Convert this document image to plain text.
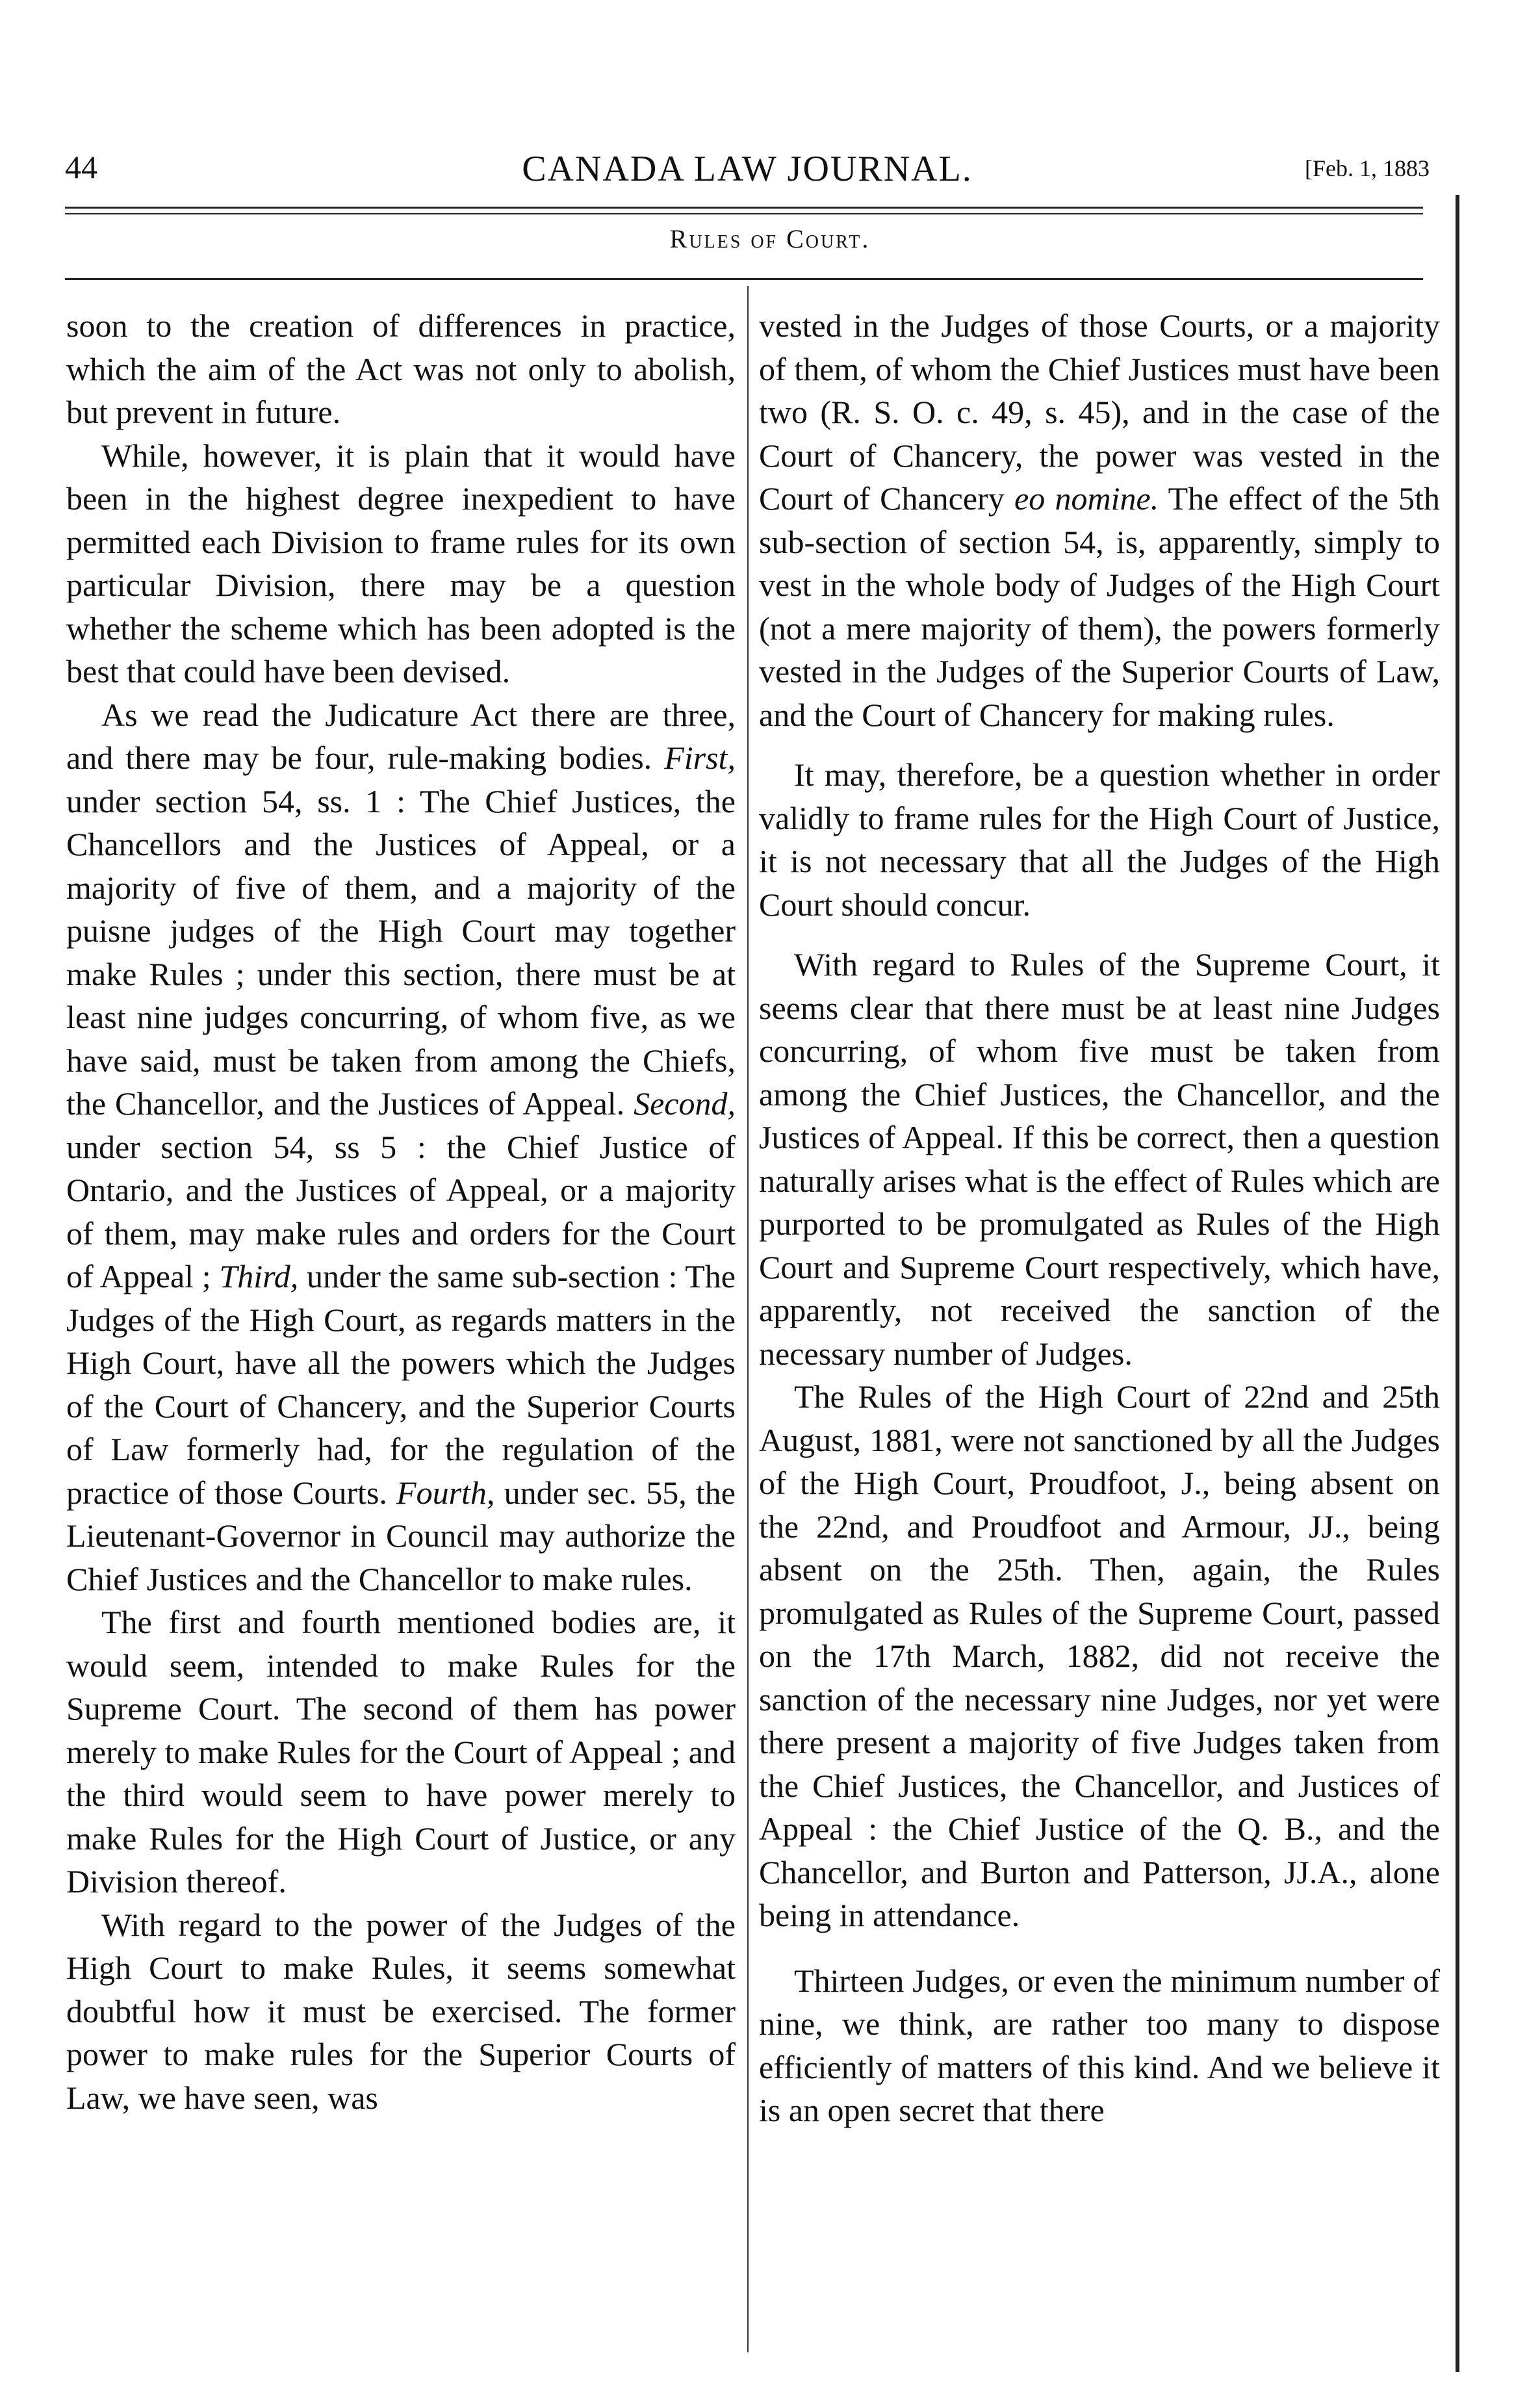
44	CANADA LAW JOURNAL.	[Feb. 1, 1883
Rules of Court.

soon to the creation of differences in practice, which the aim of the Act was not only to abolish, but prevent in future.

While, however, it is plain that it would have been in the highest degree inexpedient to have permitted each Division to frame rules for its own particular Division, there may be a question whether the scheme which has been adopted is the best that could have been devised.

As we read the Judicature Act there are three, and there may be four, rule-making bodies. First, under section 54, ss. 1 : The Chief Justices, the Chancellors and the Justices of Appeal, or a majority of five of them, and a majority of the puisne judges of the High Court may together make Rules ; under this section, there must be at least nine judges concurring, of whom five, as we have said, must be taken from among the Chiefs, the Chancellor, and the Justices of Appeal. Second, under section 54, ss 5 : the Chief Justice of Ontario, and the Justices of Appeal, or a majority of them, may make rules and orders for the Court of Appeal ; Third, under the same sub-section : The Judges of the High Court, as regards matters in the High Court, have all the powers which the Judges of the Court of Chancery, and the Superior Courts of Law formerly had, for the regulation of the practice of those Courts. Fourth, under sec. 55, the Lieutenant-Governor in Council may authorize the Chief Justices and the Chancellor to make rules.

The first and fourth mentioned bodies are, it would seem, intended to make Rules for the Supreme Court. The second of them has power merely to make Rules for the Court of Appeal ; and the third would seem to have power merely to make Rules for the High Court of Justice, or any Division thereof.

With regard to the power of the Judges of the High Court to make Rules, it seems somewhat doubtful how it must be exercised. The former power to make rules for the Superior Courts of Law, we have seen, was

vested in the Judges of those Courts, or a majority of them, of whom the Chief Justices must have been two (R. S. O. c. 49, s. 45), and in the case of the Court of Chancery, the power was vested in the Court of Chancery eo nomine. The effect of the 5th sub-section of section 54, is, apparently, simply to vest in the whole body of Judges of the High Court (not a mere majority of them), the powers formerly vested in the Judges of the Superior Courts of Law, and the Court of Chancery for making rules.

It may, therefore, be a question whether in order validly to frame rules for the High Court of Justice, it is not necessary that all the Judges of the High Court should concur.

With regard to Rules of the Supreme Court, it seems clear that there must be at least nine Judges concurring, of whom five must be taken from among the Chief Justices, the Chancellor, and the Justices of Appeal. If this be correct, then a question naturally arises what is the effect of Rules which are purported to be promulgated as Rules of the High Court and Supreme Court respectively, which have, apparently, not received the sanction of the necessary number of Judges.

The Rules of the High Court of 22nd and 25th August, 1881, were not sanctioned by all the Judges of the High Court, Proudfoot, J., being absent on the 22nd, and Proudfoot and Armour, JJ., being absent on the 25th. Then, again, the Rules promulgated as Rules of the Supreme Court, passed on the 17th March, 1882, did not receive the sanction of the necessary nine Judges, nor yet were there present a majority of five Judges taken from the Chief Justices, the Chancellor, and Justices of Appeal : the Chief Justice of the Q. B., and the Chancellor, and Burton and Patterson, JJ.A., alone being in attendance.

Thirteen Judges, or even the minimum number of nine, we think, are rather too many to dispose efficiently of matters of this kind. And we believe it is an open secret that there
